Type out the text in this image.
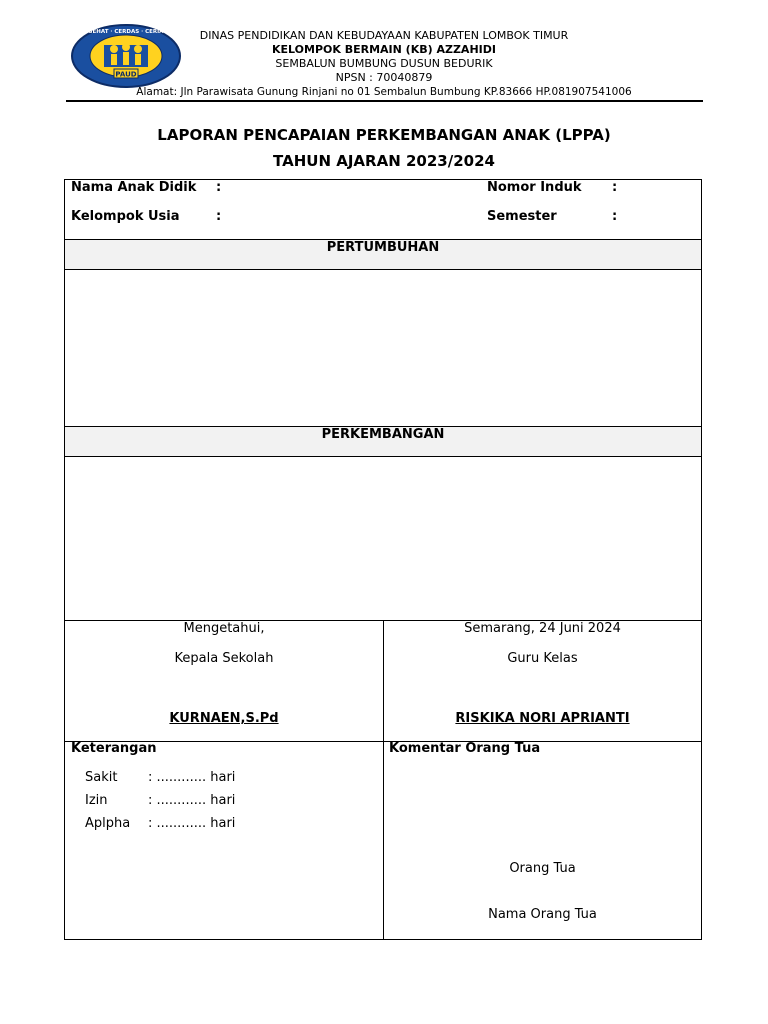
PAUD
SEHAT · CERDAS · CERIA	DINAS PENDIDIKAN DAN KEBUDAYAAN KABUPATEN LOMBOK TIMUR
KELOMPOK BERMAIN (KB) AZZAHIDI
SEMBALUN BUMBUNG DUSUN BEDURIK
NPSN : 70040879
Alamat: Jln Parawisata Gunung Rinjani no 01 Sembalun Bumbung KP.83666 HP.081907541006
LAPORAN PENCAPAIAN PERKEMBANGAN ANAK (LPPA)
TAHUN AJARAN 2023/2024
Nama Anak Didik :
Kelompok Usia	:
Nomor Induk :
Semester	:
PERTUMBUHAN
PERKEMBANGAN
Mengetahui,
Kepala Sekolah
KURNAEN,S.Pd
Semarang, 24 Juni 2024
Guru Kelas
RISKIKA NORI APRIANTI
Keterangan
Sakit : ............ hari
Izin	: ............ hari
Aplpha : ............ hari
Komentar Orang Tua
Orang Tua
Nama Orang Tua
